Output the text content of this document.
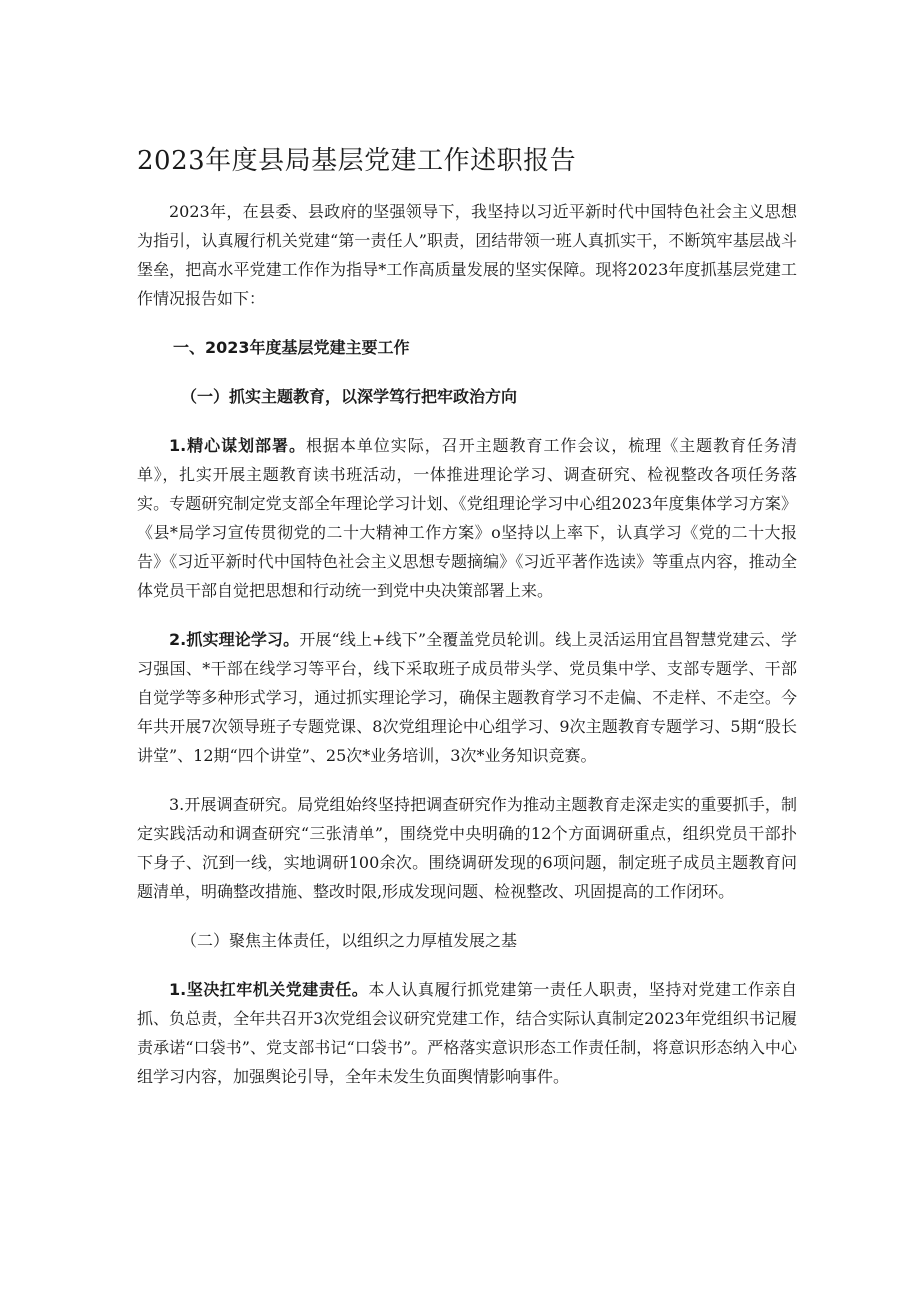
2023年度县局基层党建工作述职报告

2023年，在县委、县政府的坚强领导下，我坚持以习近平新时代中国特色社会主义思想为指引，认真履行机关党建“第一责任人”职责，团结带领一班人真抓实干，不断筑牢基层战斗堡垒，把高水平党建工作作为指导*工作高质量发展的坚实保障。现将2023年度抓基层党建工作情况报告如下：

一、2023年度基层党建主要工作

（一）抓实主题教育，以深学笃行把牢政治方向

1.精心谋划部署。根据本单位实际，召开主题教育工作会议，梳理《主题教育任务清单》，扎实开展主题教育读书班活动，一体推进理论学习、调查研究、检视整改各项任务落实。专题研究制定党支部全年理论学习计划、《党组理论学习中心组2023年度集体学习方案》《县*局学习宣传贯彻党的二十大精神工作方案》o坚持以上率下，认真学习《党的二十大报告》《习近平新时代中国特色社会主义思想专题摘编》《习近平著作选读》等重点内容，推动全体党员干部自觉把思想和行动统一到党中央决策部署上来。

2.抓实理论学习。开展“线上+线下”全覆盖党员轮训。线上灵活运用宜昌智慧党建云、学习强国、*干部在线学习等平台，线下采取班子成员带头学、党员集中学、支部专题学、干部自觉学等多种形式学习，通过抓实理论学习，确保主题教育学习不走偏、不走样、不走空。今年共开展7次领导班子专题党课、8次党组理论中心组学习、9次主题教育专题学习、5期“股长讲堂”、12期“四个讲堂”、25次*业务培训，3次*业务知识竞赛。

3.开展调查研究。局党组始终坚持把调查研究作为推动主题教育走深走实的重要抓手，制定实践活动和调查研究“三张清单”，围绕党中央明确的12个方面调研重点，组织党员干部扑下身子、沉到一线，实地调研100余次。围绕调研发现的6项问题，制定班子成员主题教育问题清单，明确整改措施、整改时限,形成发现问题、检视整改、巩固提高的工作闭环。

（二）聚焦主体责任，以组织之力厚植发展之基

1.坚决扛牢机关党建责任。本人认真履行抓党建第一责任人职责，坚持对党建工作亲自抓、负总责，全年共召开3次党组会议研究党建工作，结合实际认真制定2023年党组织书记履责承诺“口袋书”、党支部书记“口袋书”。严格落实意识形态工作责任制，将意识形态纳入中心组学习内容，加强舆论引导，全年未发生负面舆情影响事件。
